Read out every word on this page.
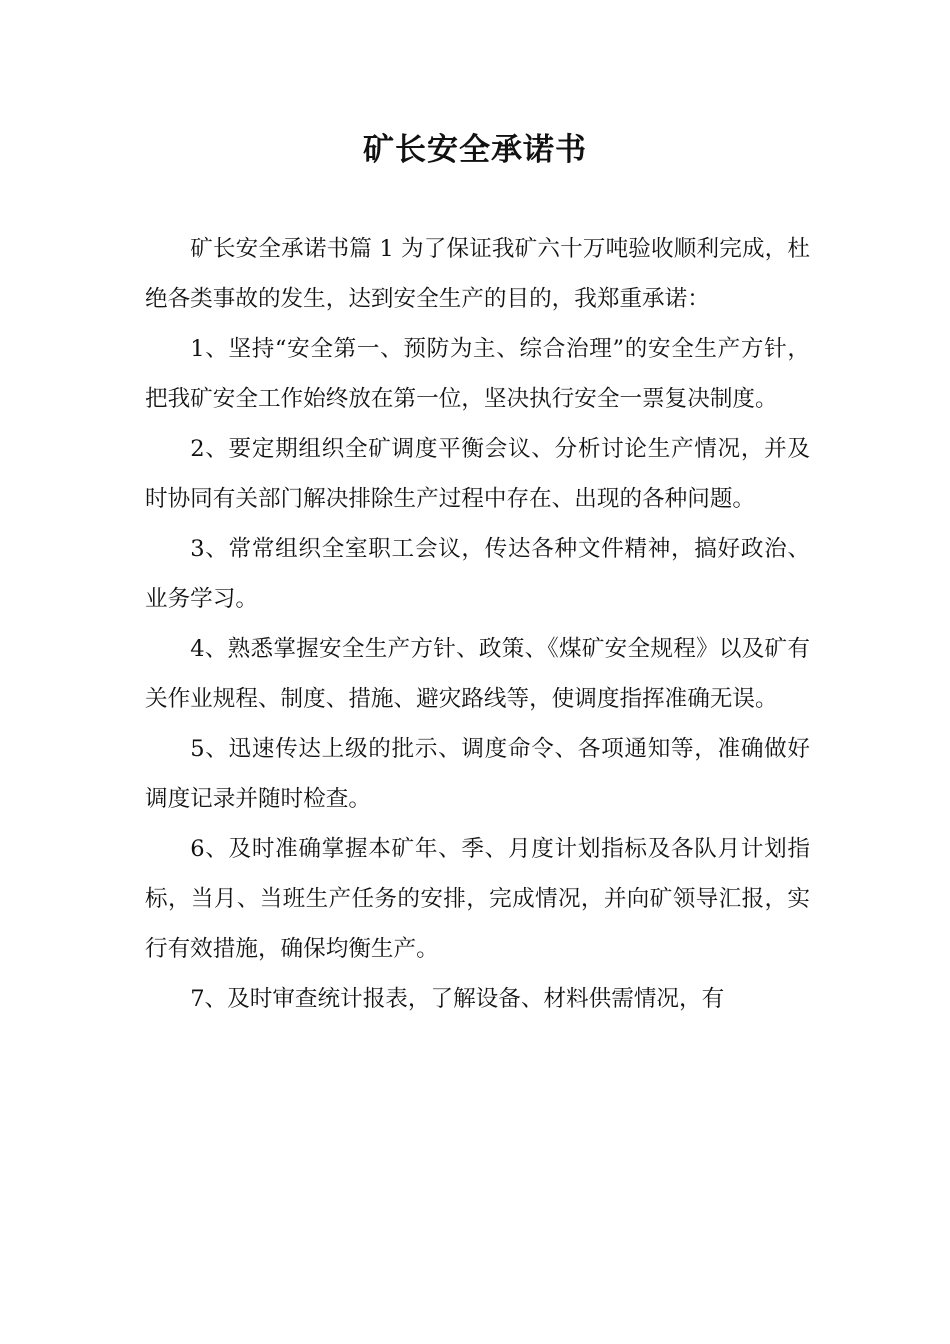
矿长安全承诺书

矿长安全承诺书篇 1 为了保证我矿六十万吨验收顺利完成，杜绝各类事故的发生，达到安全生产的目的，我郑重承诺：

1、坚持“安全第一、预防为主、综合治理”的安全生产方针，把我矿安全工作始终放在第一位，坚决执行安全一票复决制度。

2、要定期组织全矿调度平衡会议、分析讨论生产情况，并及时协同有关部门解决排除生产过程中存在、出现的各种问题。

3、常常组织全室职工会议，传达各种文件精神，搞好政治、业务学习。

4、熟悉掌握安全生产方针、政策、《煤矿安全规程》以及矿有关作业规程、制度、措施、避灾路线等，使调度指挥准确无误。

5、迅速传达上级的批示、调度命令、各项通知等，准确做好调度记录并随时检查。

6、及时准确掌握本矿年、季、月度计划指标及各队月计划指标，当月、当班生产任务的安排，完成情况，并向矿领导汇报，实行有效措施，确保均衡生产。

7、及时审查统计报表，了解设备、材料供需情况，有
